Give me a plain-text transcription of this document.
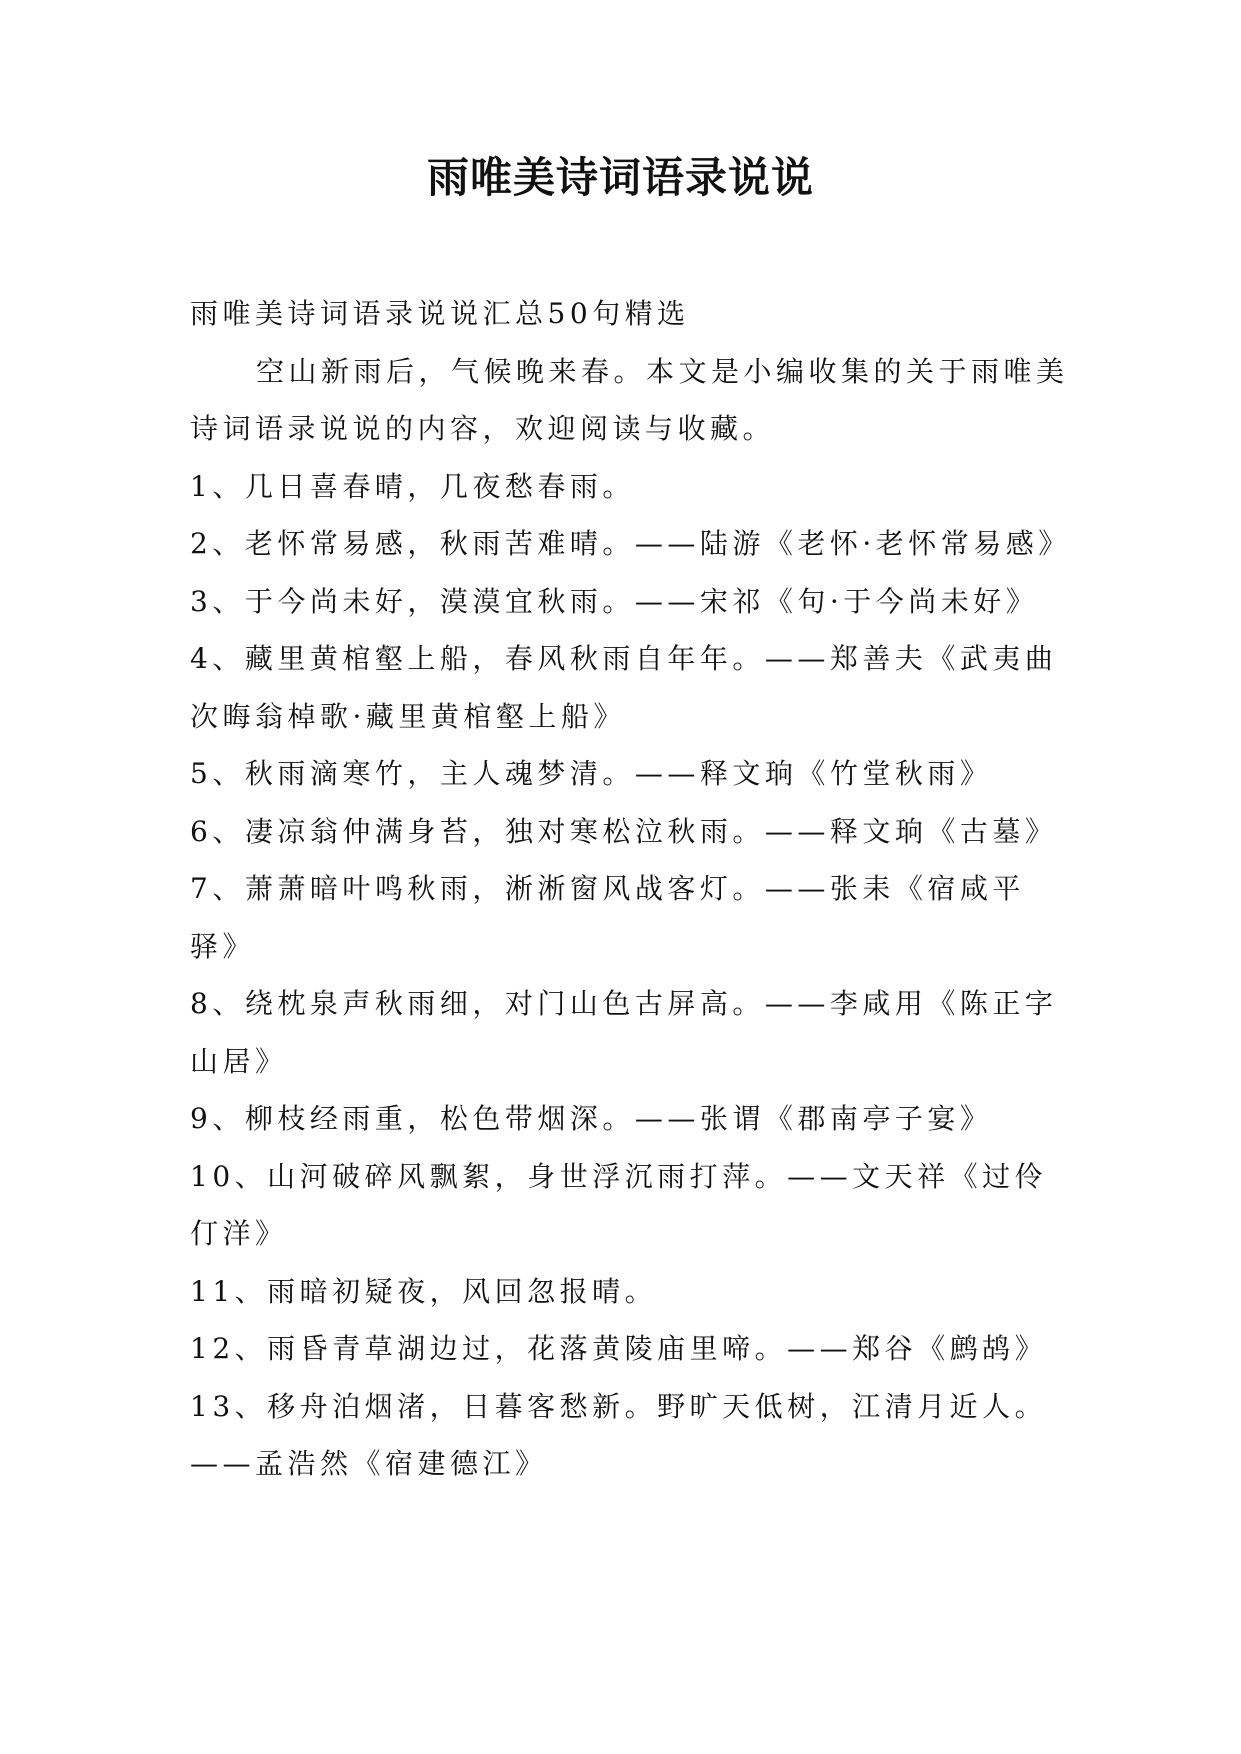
雨唯美诗词语录说说

雨唯美诗词语录说说汇总50句精选

空山新雨后，气候晚来春。本文是小编收集的关于雨唯美诗词语录说说的内容，欢迎阅读与收藏。

1、几日喜春晴，几夜愁春雨。

2、老怀常易感，秋雨苦难晴。——陆游《老怀·老怀常易感》

3、于今尚未好，漠漠宜秋雨。——宋祁《句·于今尚未好》

4、藏里黄棺壑上船，春风秋雨自年年。——郑善夫《武夷曲次晦翁棹歌·藏里黄棺壑上船》

5、秋雨滴寒竹，主人魂梦清。——释文珦《竹堂秋雨》

6、凄凉翁仲满身苔，独对寒松泣秋雨。——释文珦《古墓》

7、萧萧暗叶鸣秋雨，淅淅窗风战客灯。——张耒《宿咸平驿》

8、绕枕泉声秋雨细，对门山色古屏高。——李咸用《陈正字山居》

9、柳枝经雨重，松色带烟深。——张谓《郡南亭子宴》

10、山河破碎风飘絮，身世浮沉雨打萍。——文天祥《过伶仃洋》

11、雨暗初疑夜，风回忽报晴。

12、雨昏青草湖边过，花落黄陵庙里啼。——郑谷《鹧鸪》

13、移舟泊烟渚，日暮客愁新。野旷天低树，江清月近人。——孟浩然《宿建德江》
